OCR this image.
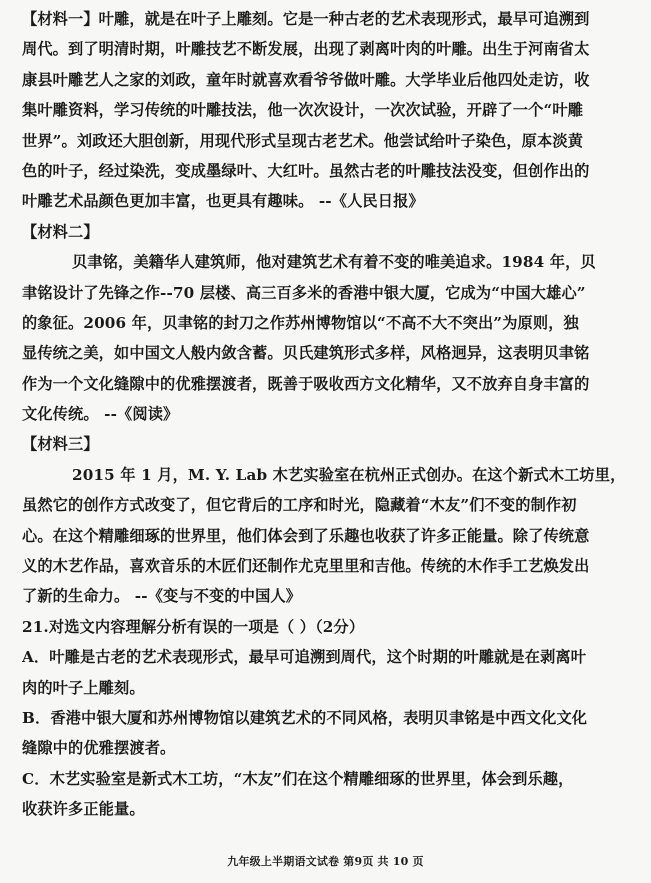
【材料一】叶雕，就是在叶子上雕刻。它是一种古老的艺术表现形式，最早可追溯到
周代。到了明清时期，叶雕技艺不断发展，出现了剥离叶肉的叶雕。出生于河南省太
康县叶雕艺人之家的刘政，童年时就喜欢看爷爷做叶雕。大学毕业后他四处走访，收
集叶雕资料，学习传统的叶雕技法，他一次次设计，一次次试验，开辟了一个“叶雕
世界”。刘政还大胆创新，用现代形式呈现古老艺术。他尝试给叶子染色，原本淡黄
色的叶子，经过染洗，变成墨绿叶、大红叶。虽然古老的叶雕技法没变，但创作出的
叶雕艺术品颜色更加丰富，也更具有趣味。 --《人民日报》
【材料二】
贝聿铭，美籍华人建筑师，他对建筑艺术有着不变的唯美追求。1984 年，贝
聿铭设计了先锋之作--70 层楼、高三百多米的香港中银大厦，它成为“中国大雄心”
的象征。2006 年，贝聿铭的封刀之作苏州博物馆以“不高不大不突出”为原则，独
显传统之美，如中国文人般内敛含蓄。贝氏建筑形式多样，风格迥异，这表明贝聿铭
作为一个文化缝隙中的优雅摆渡者，既善于吸收西方文化精华，又不放弃自身丰富的
文化传统。 --《阅读》
【材料三】
2015 年 1 月，M. Y. Lab 木艺实验室在杭州正式创办。在这个新式木工坊里，
虽然它的创作方式改变了，但它背后的工序和时光，隐藏着“木友”们不变的制作初
心。在这个精雕细琢的世界里，他们体会到了乐趣也收获了许多正能量。除了传统意
义的木艺作品，喜欢音乐的木匠们还制作尤克里里和吉他。传统的木作手工艺焕发出
了新的生命力。 --《变与不变的中国人》
21.对选文内容理解分析有误的一项是（ ）（2分）
A．叶雕是古老的艺术表现形式，最早可追溯到周代，这个时期的叶雕就是在剥离叶
肉的叶子上雕刻。
B．香港中银大厦和苏州博物馆以建筑艺术的不同风格，表明贝聿铭是中西文化文化
缝隙中的优雅摆渡者。
C．木艺实验室是新式木工坊，“木友”们在这个精雕细琢的世界里，体会到乐趣，
收获许多正能量。
九年级上半期语文试卷 第9页 共 10 页
